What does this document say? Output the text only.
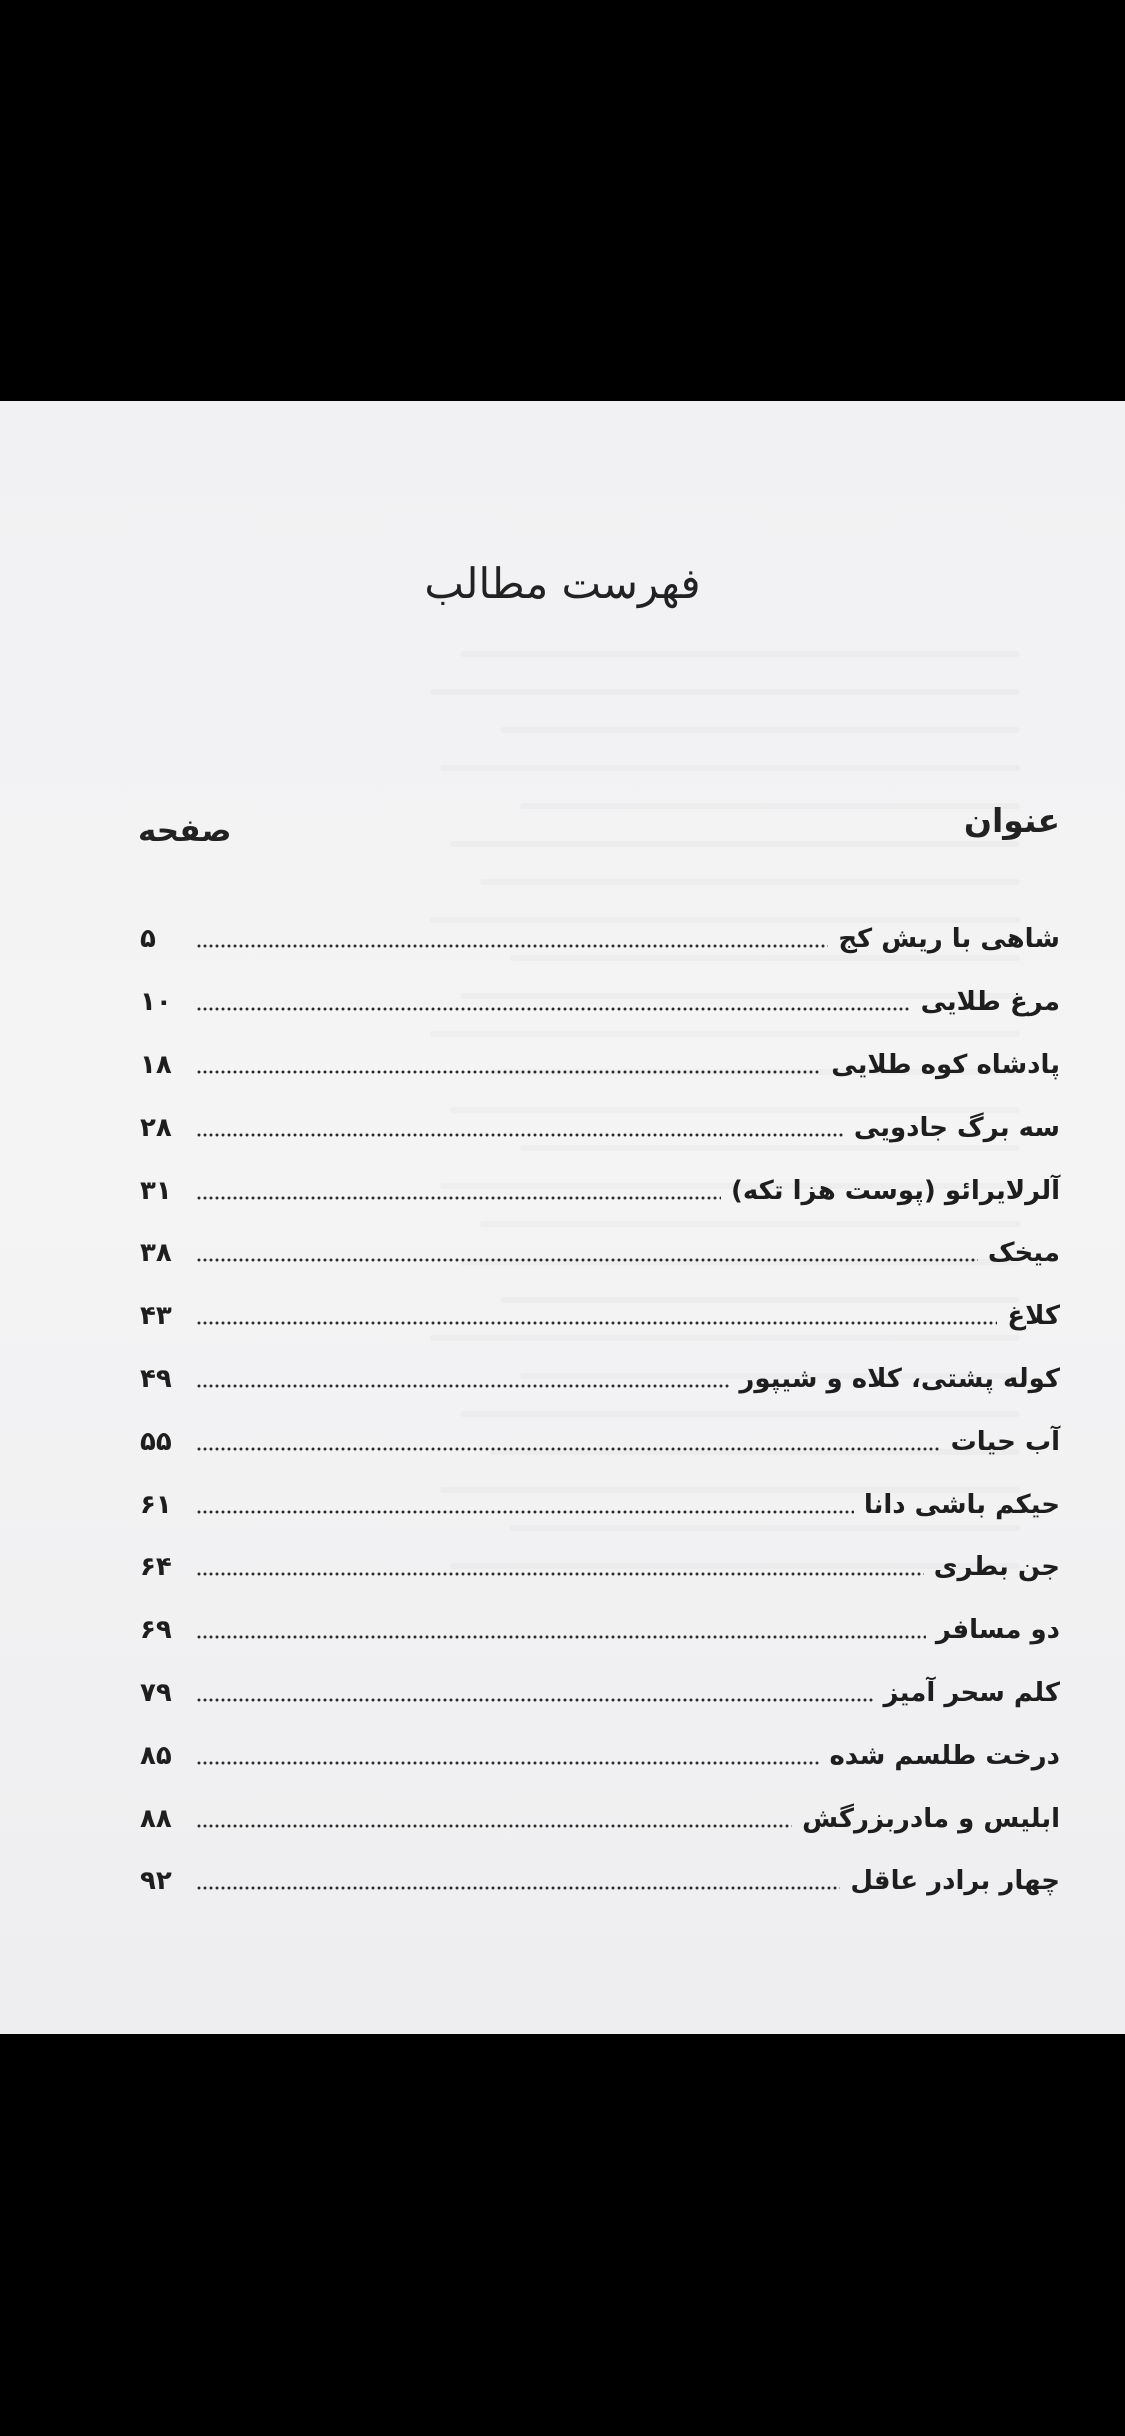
فهرست مطالب
عنوان
صفحه
شاهی با ریش کج
۵
مرغ طلایی
۱۰
پادشاه کوه طلایی
۱۸
سه برگ جادویی
۲۸
آلرلایرائو (پوست هزا تکه)
۳۱
میخک
۳۸
کلاغ
۴۳
کوله پشتی، کلاه و شیپور
۴۹
آب حیات
۵۵
حیکم باشی دانا
۶۱
جن بطری
۶۴
دو مسافر
۶۹
کلم سحر آمیز
۷۹
درخت طلسم شده
۸۵
ابلیس و مادربزرگش
۸۸
چهار برادر عاقل
۹۲
